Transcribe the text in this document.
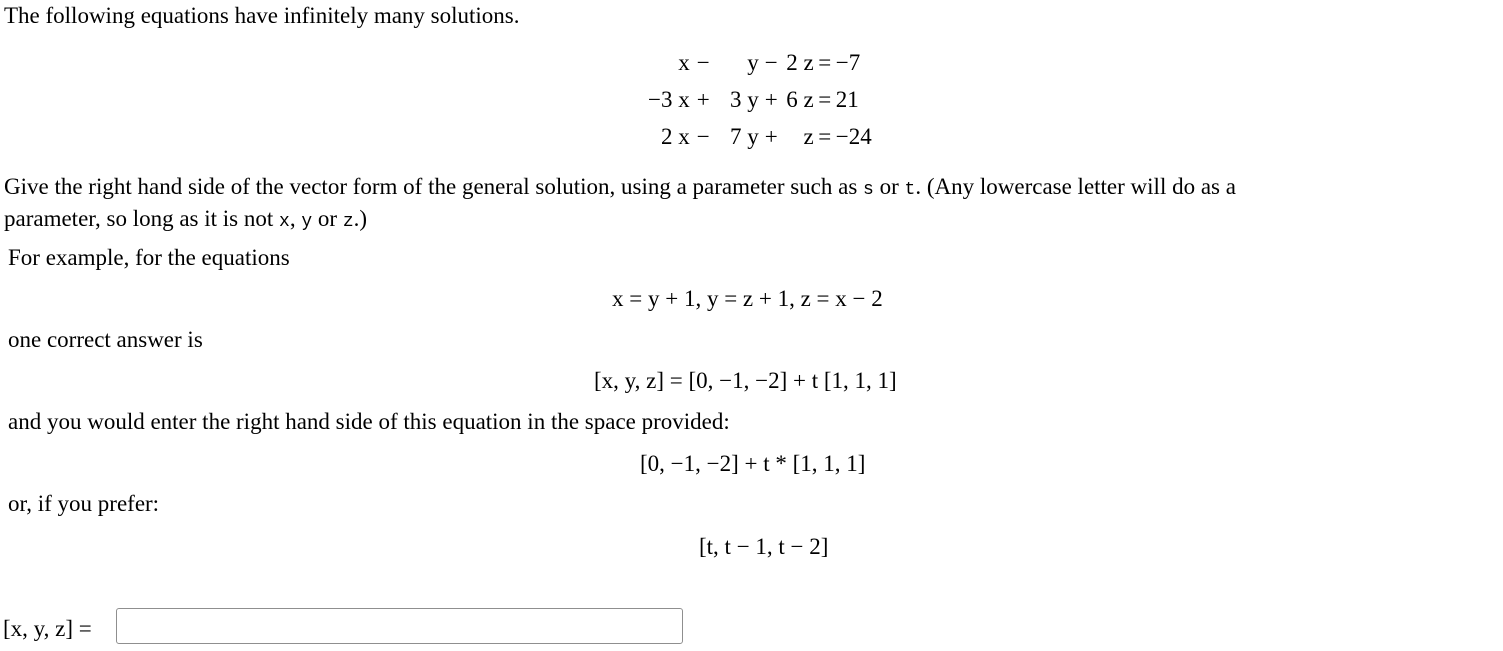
The following equations have infinitely many solutions.
x	−	y	−	2 z	=	−7
−3 x	+	3 y	+	6 z	=	21
2 x	−	7 y	+	z	=	−24
Give the right hand side of the vector form of the general solution, using a parameter such as s or t. (Any lowercase letter will do as a
parameter, so long as it is not x, y or z.)
For example, for the equations
x = y + 1, y = z + 1, z = x − 2
one correct answer is
[x, y, z] = [0, −1, −2] + t [1, 1, 1]
and you would enter the right hand side of this equation in the space provided:
[0, −1, −2] + t * [1, 1, 1]
or, if you prefer:
[t, t − 1, t − 2]
[x, y, z] =
